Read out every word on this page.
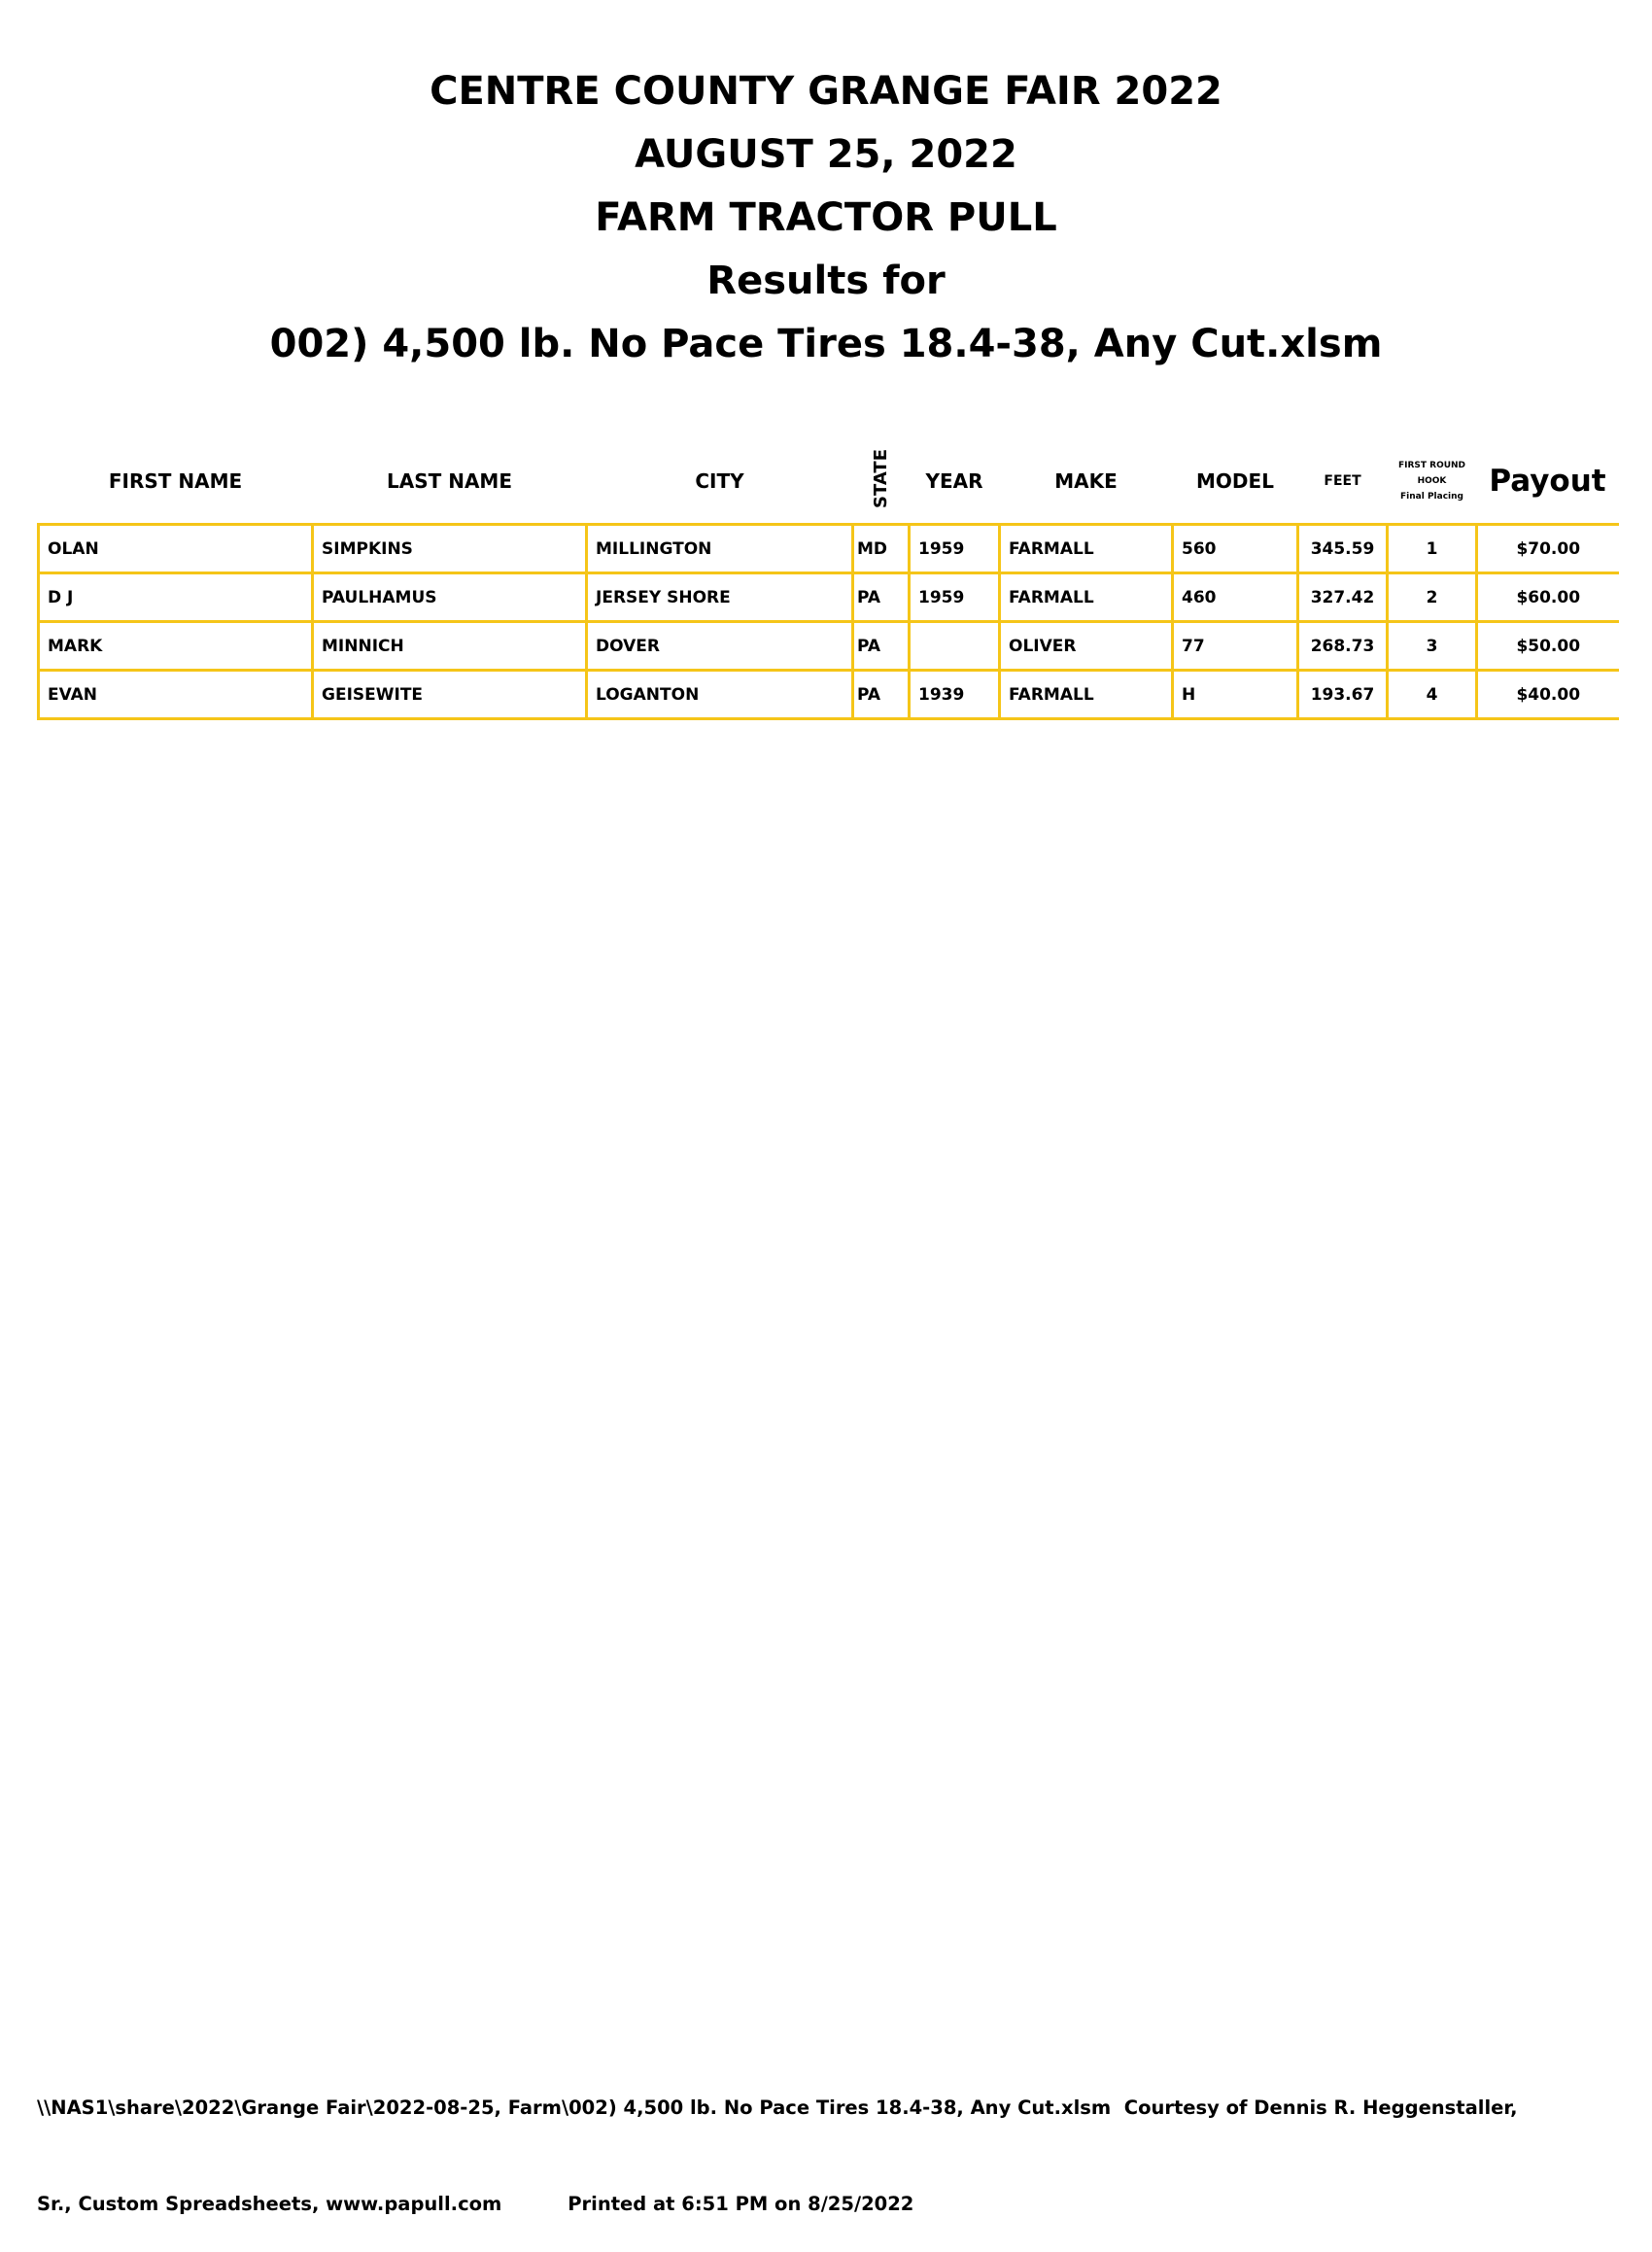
CENTRE COUNTY GRANGE FAIR 2022
AUGUST 25, 2022
FARM TRACTOR PULL
Results for
002) 4,500 lb. No Pace Tires 18.4-38, Any Cut.xlsm
FIRST NAME	LAST NAME	CITY	STATE	YEAR	MAKE	MODEL	FEET	FIRST ROUND
HOOK
Final Placing	Payout
OLAN	SIMPKINS	MILLINGTON	MD	1959	FARMALL	560	345.59	1	$70.00
D J	PAULHAMUS	JERSEY SHORE	PA	1959	FARMALL	460	327.42	2	$60.00
MARK	MINNICH	DOVER	PA		OLIVER	77	268.73	3	$50.00
EVAN	GEISEWITE	LOGANTON	PA	1939	FARMALL	H	193.67	4	$40.00

\\NAS1\share\2022\Grange Fair\2022-08-25, Farm\002) 4,500 lb. No Pace Tires 18.4-38, Any Cut.xlsm  Courtesy of Dennis R. Heggenstaller,

Sr., Custom Spreadsheets, www.papull.com          Printed at 6:51 PM on 8/25/2022
